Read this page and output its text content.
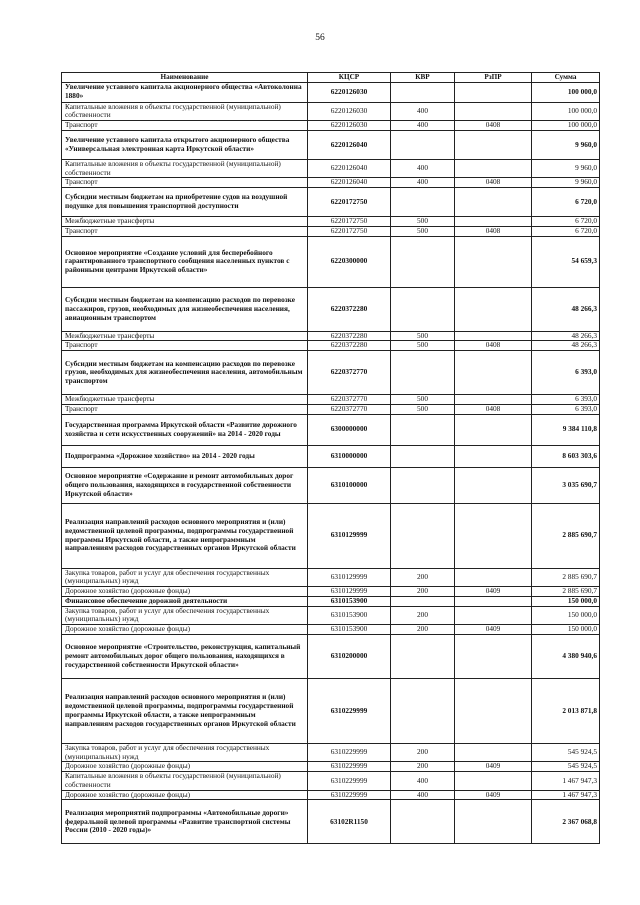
56
Наименование	КЦСР	КВР	РзПР	Сумма
Увеличение уставного капитала акционерного общества «Автоколонна 1880»	6220126030			100 000,0
Капитальные вложения в объекты государственной (муниципальной) собственности	6220126030	400		100 000,0
Транспорт	6220126030	400	0408	100 000,0
Увеличение уставного капитала открытого акционерного общества «Универсальная электронная карта Иркутской области»	6220126040			9 960,0
Капитальные вложения в объекты государственной (муниципальной) собственности	6220126040	400		9 960,0
Транспорт	6220126040	400	0408	9 960,0
Субсидии местным бюджетам на приобретение судов на воздушной подушке для повышения транспортной доступности	6220172750			6 720,0
Межбюджетные трансферты	6220172750	500		6 720,0
Транспорт	6220172750	500	0408	6 720,0
Основное мероприятие «Создание условий для бесперебойного гарантированного транспортного сообщения населенных пунктов с районными центрами Иркутской области»	6220300000			54 659,3
Субсидии местным бюджетам на компенсацию расходов по перевозке пассажиров, грузов, необходимых для жизнеобеспечения населения, авиационным транспортом	6220372280			48 266,3
Межбюджетные трансферты	6220372280	500		48 266,3
Транспорт	6220372280	500	0408	48 266,3
Субсидии местным бюджетам на компенсацию расходов по перевозке грузов, необходимых для жизнеобеспечения населения, автомобильным транспортом	6220372770			6 393,0
Межбюджетные трансферты	6220372770	500		6 393,0
Транспорт	6220372770	500	0408	6 393,0
Государственная программа Иркутской области «Развитие дорожного хозяйства и сети искусственных сооружений» на 2014 - 2020 годы	6300000000			9 384 110,8
Подпрограмма «Дорожное хозяйство» на 2014 - 2020 годы	6310000000			8 603 303,6
Основное мероприятие «Содержание и ремонт автомобильных дорог общего пользования, находящихся в государственной собственности Иркутской области»	6310100000			3 035 690,7
Реализация направлений расходов основного мероприятия и (или) ведомственной целевой программы, подпрограммы государственной программы Иркутской области, а также непрограммным направлениям расходов государственных органов Иркутской области	6310129999			2 885 690,7
Закупка товаров, работ и услуг для обеспечения государственных (муниципальных) нужд	6310129999	200		2 885 690,7
Дорожное хозяйство (дорожные фонды)	6310129999	200	0409	2 885 690,7
Финансовое обеспечение дорожной деятельности	6310153900			150 000,0
Закупка товаров, работ и услуг для обеспечения государственных (муниципальных) нужд	6310153900	200		150 000,0
Дорожное хозяйство (дорожные фонды)	6310153900	200	0409	150 000,0
Основное мероприятие «Строительство, реконструкция, капитальный ремонт автомобильных дорог общего пользования, находящихся в государственной собственности Иркутской области»	6310200000			4 380 940,6
Реализация направлений расходов основного мероприятия и (или) ведомственной целевой программы, подпрограммы государственной программы Иркутской области, а также непрограммным направлениям расходов государственных органов Иркутской области	6310229999			2 013 871,8
Закупка товаров, работ и услуг для обеспечения государственных (муниципальных) нужд	6310229999	200		545 924,5
Дорожное хозяйство (дорожные фонды)	6310229999	200	0409	545 924,5
Капитальные вложения в объекты государственной (муниципальной) собственности	6310229999	400		1 467 947,3
Дорожное хозяйство (дорожные фонды)	6310229999	400	0409	1 467 947,3
Реализация мероприятий подпрограммы «Автомобильные дороги» федеральной целевой программы «Развитие транспортной системы России (2010 - 2020 годы)»	63102R1150			2 367 068,8
